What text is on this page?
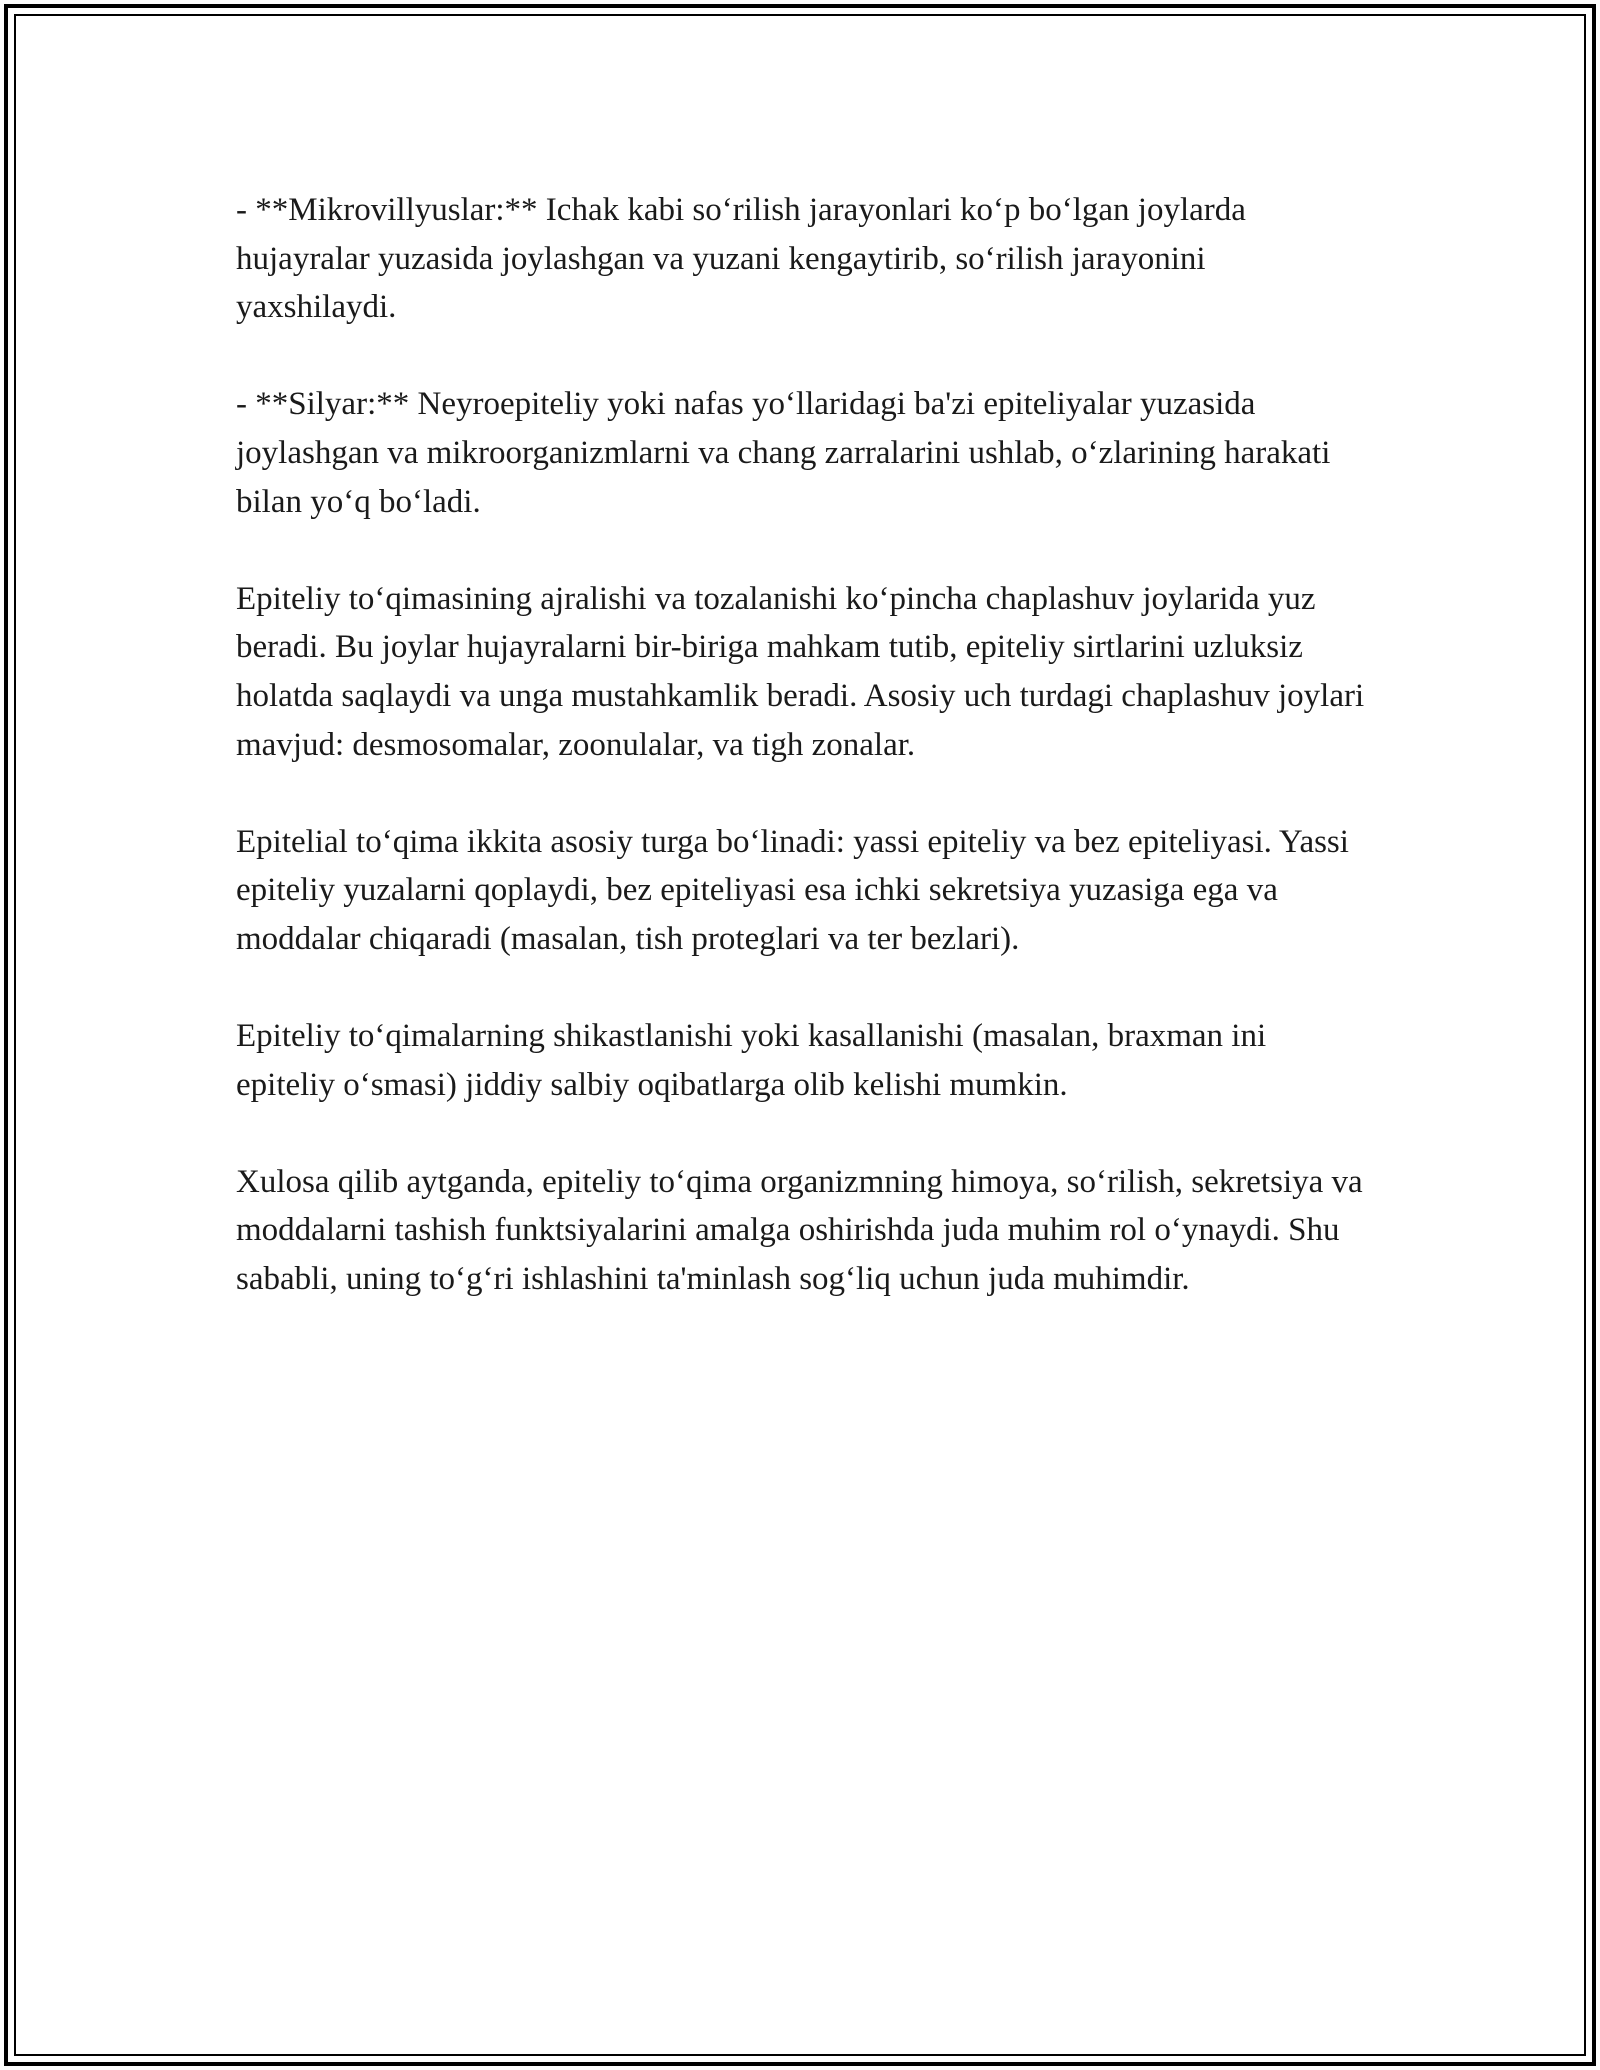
- **Mikrovillyuslar:** Ichak kabi so‘rilish jarayonlari ko‘p bo‘lgan joylarda hujayralar yuzasida joylashgan va yuzani kengaytirib, so‘rilish jarayonini yaxshilaydi.

- **Silyar:** Neyroepiteliy yoki nafas yo‘llaridagi ba'zi epiteliyalar yuzasida joylashgan va mikroorganizmlarni va chang zarralarini ushlab, o‘zlarining harakati bilan yo‘q bo‘ladi.

Epiteliy to‘qimasining ajralishi va tozalanishi ko‘pincha chaplashuv joylarida yuz beradi. Bu joylar hujayralarni bir-biriga mahkam tutib, epiteliy sirtlarini uzluksiz holatda saqlaydi va unga mustahkamlik beradi. Asosiy uch turdagi chaplashuv joylari mavjud: desmosomalar, zoonulalar, va tigh zonalar.

Epitelial to‘qima ikkita asosiy turga bo‘linadi: yassi epiteliy va bez epiteliyasi. Yassi epiteliy yuzalarni qoplaydi, bez epiteliyasi esa ichki sekretsiya yuzasiga ega va moddalar chiqaradi (masalan, tish proteglari va ter bezlari).

Epiteliy to‘qimalarning shikastlanishi yoki kasallanishi (masalan, braxman ini epiteliy o‘smasi) jiddiy salbiy oqibatlarga olib kelishi mumkin.

Xulosa qilib aytganda, epiteliy to‘qima organizmning himoya, so‘rilish, sekretsiya va moddalarni tashish funktsiyalarini amalga oshirishda juda muhim rol o‘ynaydi. Shu sababli, uning to‘g‘ri ishlashini ta'minlash sog‘liq uchun juda muhimdir.
